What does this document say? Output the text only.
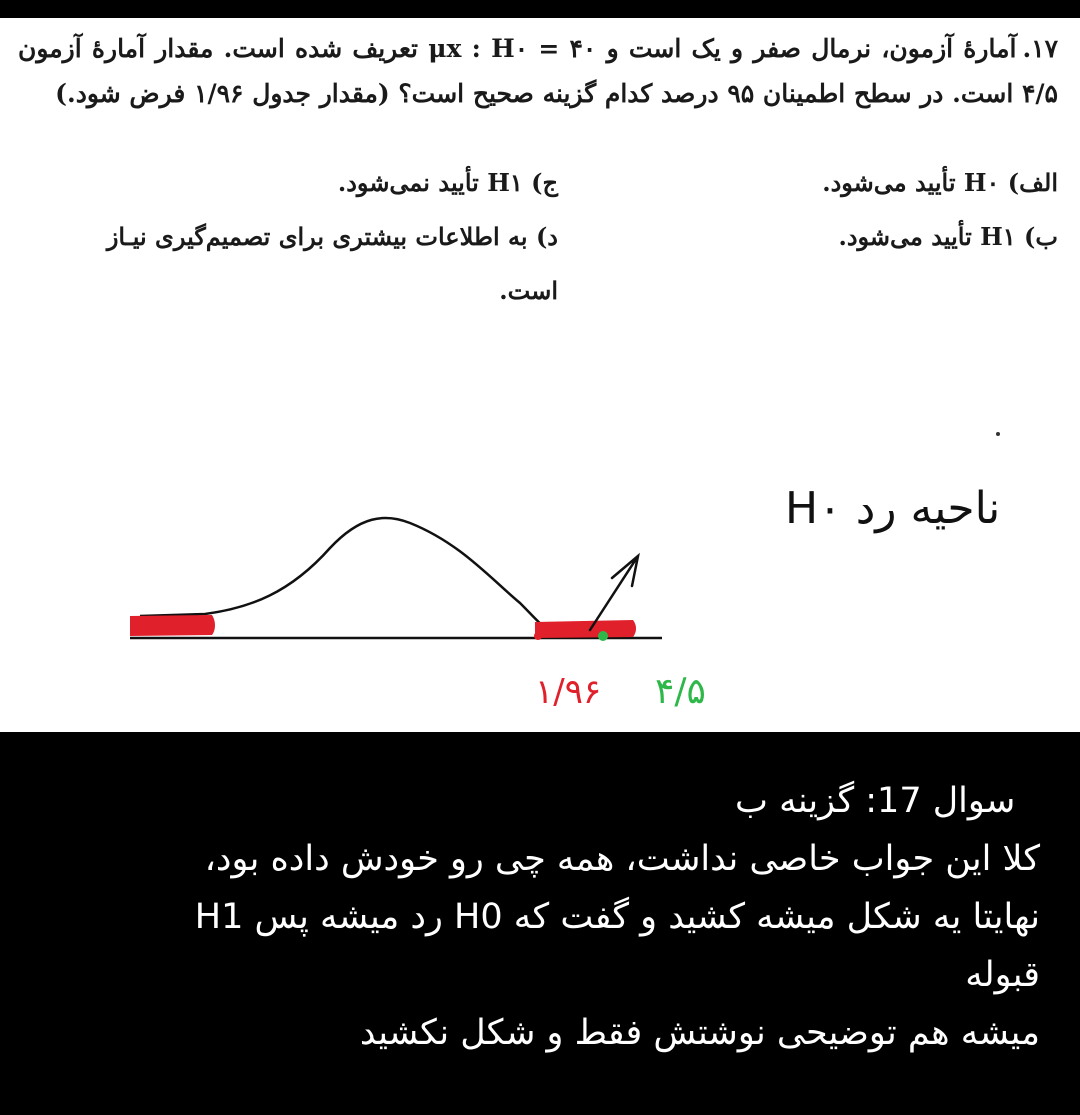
۱۷.آمارهٔ آزمون، نرمال صفر و یک است و ۴۰ = μx : H۰ تعریف شده است. مقدار آمارهٔ آزمون ۴/۵ است. در سطح اطمینان ۹۵ درصد کدام گزینه صحیح است؟ (مقدار جدول ۱/۹۶ فرض شود.)
الف) H۰ تأیید می‌شود.
ب) H۱ تأیید می‌شود.
ج) H۱ تأیید نمی‌شود.
د) به اطلاعات بیشتری برای تصمیم‌گیری نیـاز
است.
ناحیه رد H۰
۱/۹۶ ۴/۵
سوال 17: گزینه ب
کلا این جواب خاصی نداشت، همه چی رو خودش داده بود،
نهایتا یه شکل میشه کشید و گفت که H0 رد میشه پس H1
قبوله
میشه هم توضیحی نوشتش فقط و شکل نکشید
